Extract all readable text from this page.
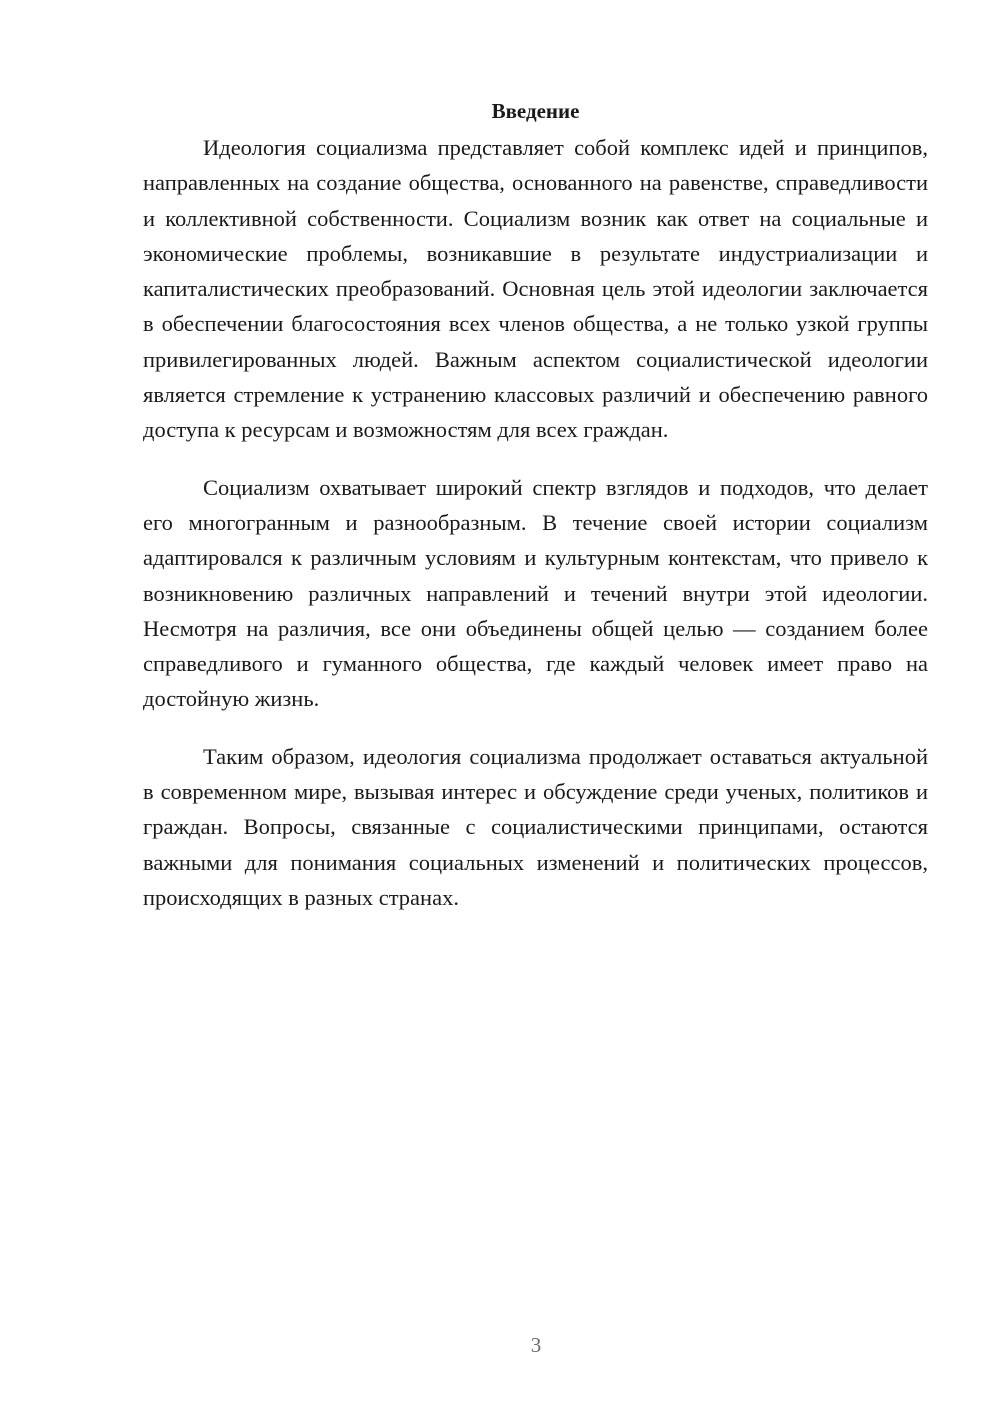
Введение

Идеология социализма представляет собой комплекс идей и принципов, направленных на создание общества, основанного на равенстве, справедливости и коллективной собственности. Социализм возник как ответ на социальные и экономические проблемы, возникавшие в результате индустриализации и капиталистических преобразований. Основная цель этой идеологии заключается в обеспечении благосостояния всех членов общества, а не только узкой группы привилегированных людей. Важным аспектом социалистической идеологии является стремление к устранению классовых различий и обеспечению равного доступа к ресурсам и возможностям для всех граждан.

Социализм охватывает широкий спектр взглядов и подходов, что делает его многогранным и разнообразным. В течение своей истории социализм адаптировался к различным условиям и культурным контекстам, что привело к возникновению различных направлений и течений внутри этой идеологии. Несмотря на различия, все они объединены общей целью — созданием более справедливого и гуманного общества, где каждый человек имеет право на достойную жизнь.

Таким образом, идеология социализма продолжает оставаться актуальной в современном мире, вызывая интерес и обсуждение среди ученых, политиков и граждан. Вопросы, связанные с социалистическими принципами, остаются важными для понимания социальных изменений и политических процессов, происходящих в разных странах.

3
